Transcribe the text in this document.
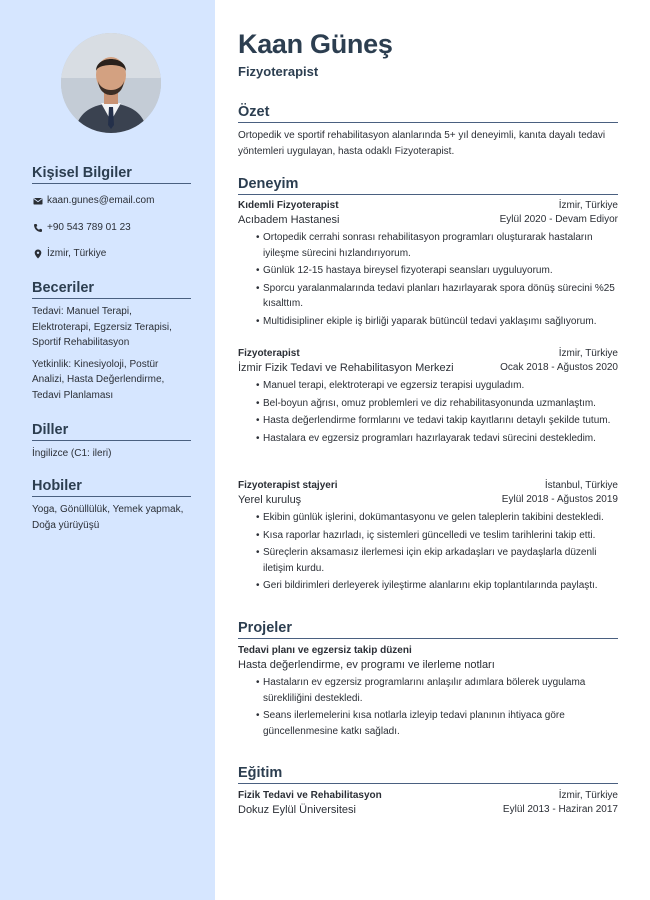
Kişisel Bilgiler
kaan.gunes@email.com
+90 543 789 01 23
İzmir, Türkiye
Beceriler
Tedavi: Manuel Terapi, Elektroterapi, Egzersiz Terapisi, Sportif Rehabilitasyon
Yetkinlik: Kinesiyoloji, Postür Analizi, Hasta Değerlendirme, Tedavi Planlaması
Diller
İngilizce (C1: ileri)
Hobiler
Yoga, Gönüllülük, Yemek yapmak, Doğa yürüyüşü
Kaan Güneş
Fizyoterapist
Özet
Ortopedik ve sportif rehabilitasyon alanlarında 5+ yıl deneyimli, kanıta dayalı tedavi yöntemleri uygulayan, hasta odaklı Fizyoterapist.
Deneyim
Kıdemli Fizyoterapist	İzmir, Türkiye
Acıbadem Hastanesi	Eylül 2020 - Devam Ediyor
• Ortopedik cerrahi sonrası rehabilitasyon programları oluşturarak hastaların iyileşme sürecini hızlandırıyorum.
• Günlük 12-15 hastaya bireysel fizyoterapi seansları uyguluyorum.
• Sporcu yaralanmalarında tedavi planları hazırlayarak spora dönüş sürecini %25 kısalttım.
• Multidisipliner ekiple iş birliği yaparak bütüncül tedavi yaklaşımı sağlıyorum.
Fizyoterapist	İzmir, Türkiye
İzmir Fizik Tedavi ve Rehabilitasyon Merkezi	Ocak 2018 - Ağustos 2020
• Manuel terapi, elektroterapi ve egzersiz terapisi uyguladım.
• Bel-boyun ağrısı, omuz problemleri ve diz rehabilitasyonunda uzmanlaştım.
• Hasta değerlendirme formlarını ve tedavi takip kayıtlarını detaylı şekilde tutum.
• Hastalara ev egzersiz programları hazırlayarak tedavi sürecini destekledim.
Fizyoterapist stajyeri	İstanbul, Türkiye
Yerel kuruluş	Eylül 2018 - Ağustos 2019
• Ekibin günlük işlerini, dokümantasyonu ve gelen taleplerin takibini destekledi.
• Kısa raporlar hazırladı, iç sistemleri güncelledi ve teslim tarihlerini takip etti.
• Süreçlerin aksamasız ilerlemesi için ekip arkadaşları ve paydaşlarla düzenli iletişim kurdu.
• Geri bildirimleri derleyerek iyileştirme alanlarını ekip toplantılarında paylaştı.
Projeler
Tedavi planı ve egzersiz takip düzeni
Hasta değerlendirme, ev programı ve ilerleme notları
• Hastaların ev egzersiz programlarını anlaşılır adımlara bölerek uygulama sürekliliğini destekledi.
• Seans ilerlemelerini kısa notlarla izleyip tedavi planının ihtiyaca göre güncellenmesine katkı sağladı.
Eğitim
Fizik Tedavi ve Rehabilitasyon	İzmir, Türkiye
Dokuz Eylül Üniversitesi	Eylül 2013 - Haziran 2017
